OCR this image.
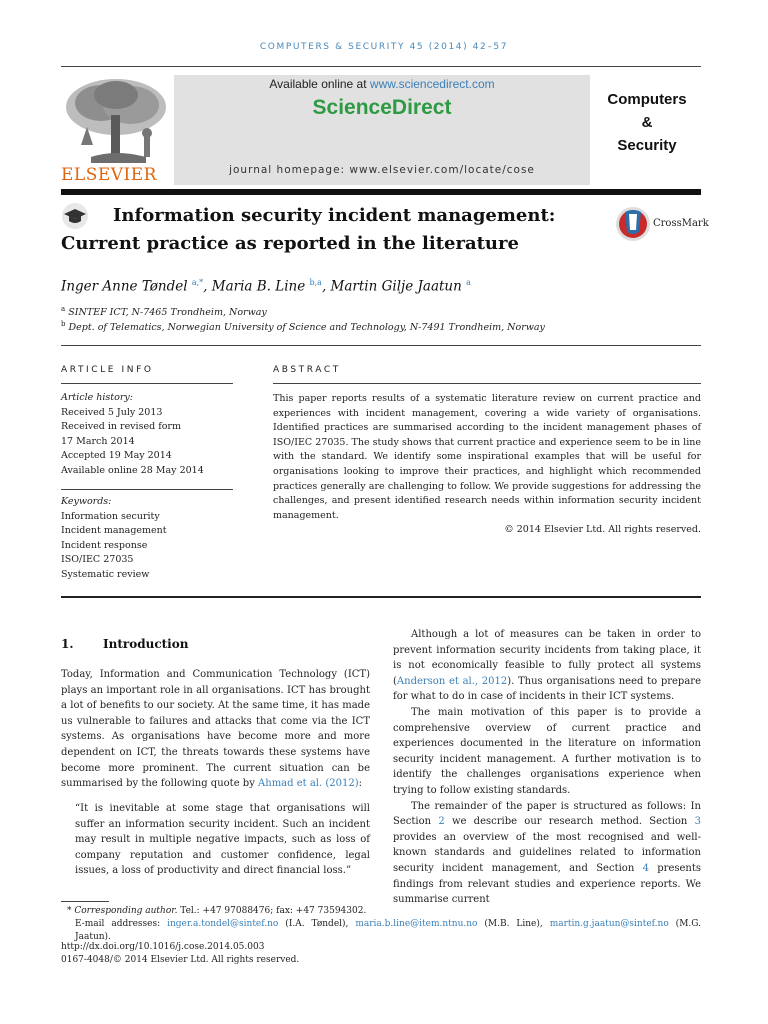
COMPUTERS & SECURITY 45 (2014) 42–57
ELSEVIER
Available online at www.sciencedirect.com
ScienceDirect
journal homepage: www.elsevier.com/locate/cose
Computers
&
Security
Information security incident management:
Current practice as reported in the literature
CrossMark
Inger Anne Tøndel $^{a,*}$, Maria B. Line $^{b,a}$, Martin Gilje Jaatun $^a$
$^a$ SINTEF ICT, N-7465 Trondheim, Norway
$^b$ Dept. of Telematics, Norwegian University of Science and Technology, N-7491 Trondheim, Norway
ARTICLE INFO	ABSTRACT
Article history:
Received 5 July 2013
Received in revised form
17 March 2014
Accepted 19 May 2014
Available online 28 May 2014
Keywords:
Information security
Incident management
Incident response
ISO/IEC 27035
Systematic review
This paper reports results of a systematic literature review on current practice and experiences with incident management, covering a wide variety of organisations. Identified practices are summarised according to the incident management phases of ISO/IEC 27035. The study shows that current practice and experience seem to be in line with the standard. We identify some inspirational examples that will be useful for organisations looking to improve their practices, and highlight which recommended practices generally are challenging to follow. We provide suggestions for addressing the challenges, and present identified research needs within information security incident management.
© 2014 Elsevier Ltd. All rights reserved.
1. Introduction

Today, Information and Communication Technology (ICT) plays an important role in all organisations. ICT has brought a lot of benefits to our society. At the same time, it has made us vulnerable to failures and attacks that come via the ICT systems. As organisations have become more and more dependent on ICT, the threats towards these systems have become more prominent. The current situation can be summarised by the following quote by Ahmad et al. (2012):

“It is inevitable at some stage that organisations will suffer an information security incident. Such an incident may result in multiple negative impacts, such as loss of company reputation and customer confidence, legal issues, a loss of productivity and direct financial loss.”

Although a lot of measures can be taken in order to prevent information security incidents from taking place, it is not economically feasible to fully protect all systems (Anderson et al., 2012). Thus organisations need to prepare for what to do in case of incidents in their ICT systems.

The main motivation of this paper is to provide a comprehensive overview of current practice and experiences documented in the literature on information security incident management. A further motivation is to identify the challenges organisations experience when trying to follow existing standards.

The remainder of the paper is structured as follows: In Section 2 we describe our research method. Section 3 provides an overview of the most recognised and well-known standards and guidelines related to information security incident management, and Section 4 presents findings from relevant studies and experience reports. We summarise current

* Corresponding author. Tel.: +47 97088476; fax: +47 73594302.
E-mail addresses: inger.a.tondel@sintef.no (I.A. Tøndel), maria.b.line@item.ntnu.no (M.B. Line), martin.g.jaatun@sintef.no (M.G. Jaatun).
http://dx.doi.org/10.1016/j.cose.2014.05.003
0167-4048/© 2014 Elsevier Ltd. All rights reserved.
